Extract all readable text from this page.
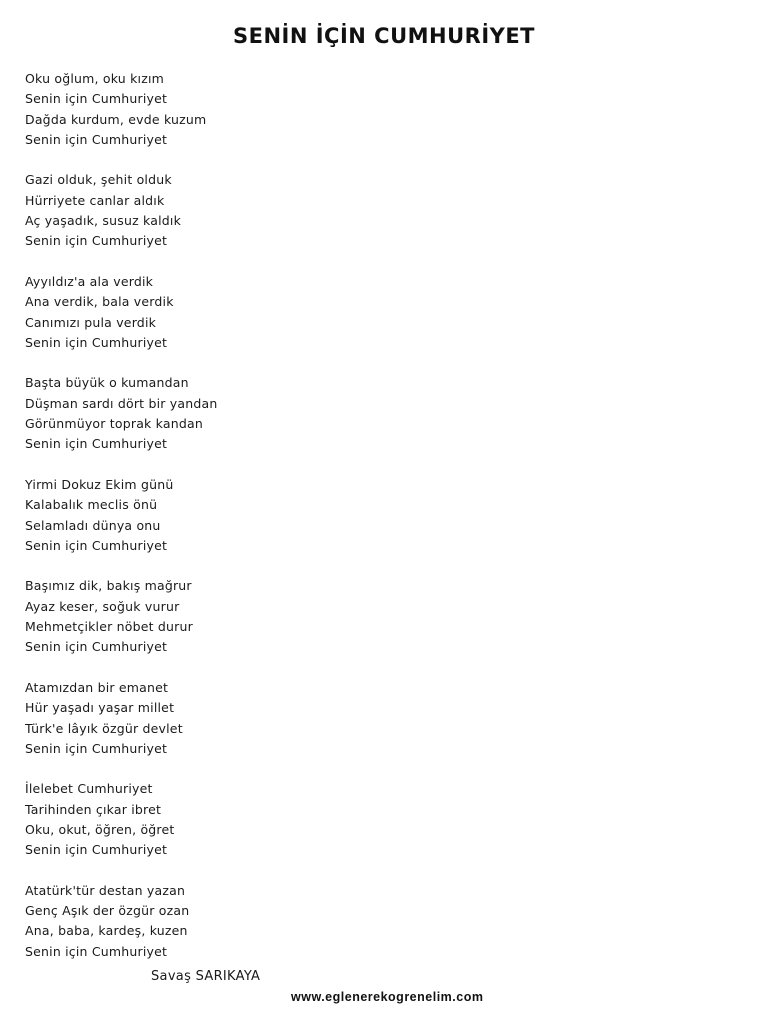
SENİN İÇİN CUMHURİYET
Oku oğlum, oku kızım
Senin için Cumhuriyet
Dağda kurdum, evde kuzum
Senin için Cumhuriyet
Gazi olduk, şehit olduk
Hürriyete canlar aldık
Aç yaşadık, susuz kaldık
Senin için Cumhuriyet
Ayyıldız'a ala verdik
Ana verdik, bala verdik
Canımızı pula verdik
Senin için Cumhuriyet
Başta büyük o kumandan
Düşman sardı dört bir yandan
Görünmüyor toprak kandan
Senin için Cumhuriyet
Yirmi Dokuz Ekim günü
Kalabalık meclis önü
Selamladı dünya onu
Senin için Cumhuriyet
Başımız dik, bakış mağrur
Ayaz keser, soğuk vurur
Mehmetçikler nöbet durur
Senin için Cumhuriyet
Atamızdan bir emanet
Hür yaşadı yaşar millet
Türk'e lâyık özgür devlet
Senin için Cumhuriyet
İlelebet Cumhuriyet
Tarihinden çıkar ibret
Oku, okut, öğren, öğret
Senin için Cumhuriyet
Atatürk'tür destan yazan
Genç Aşık der özgür ozan
Ana, baba, kardeş, kuzen
Senin için Cumhuriyet
Savaş SARIKAYA
www.eglenerekogrenelim.com
